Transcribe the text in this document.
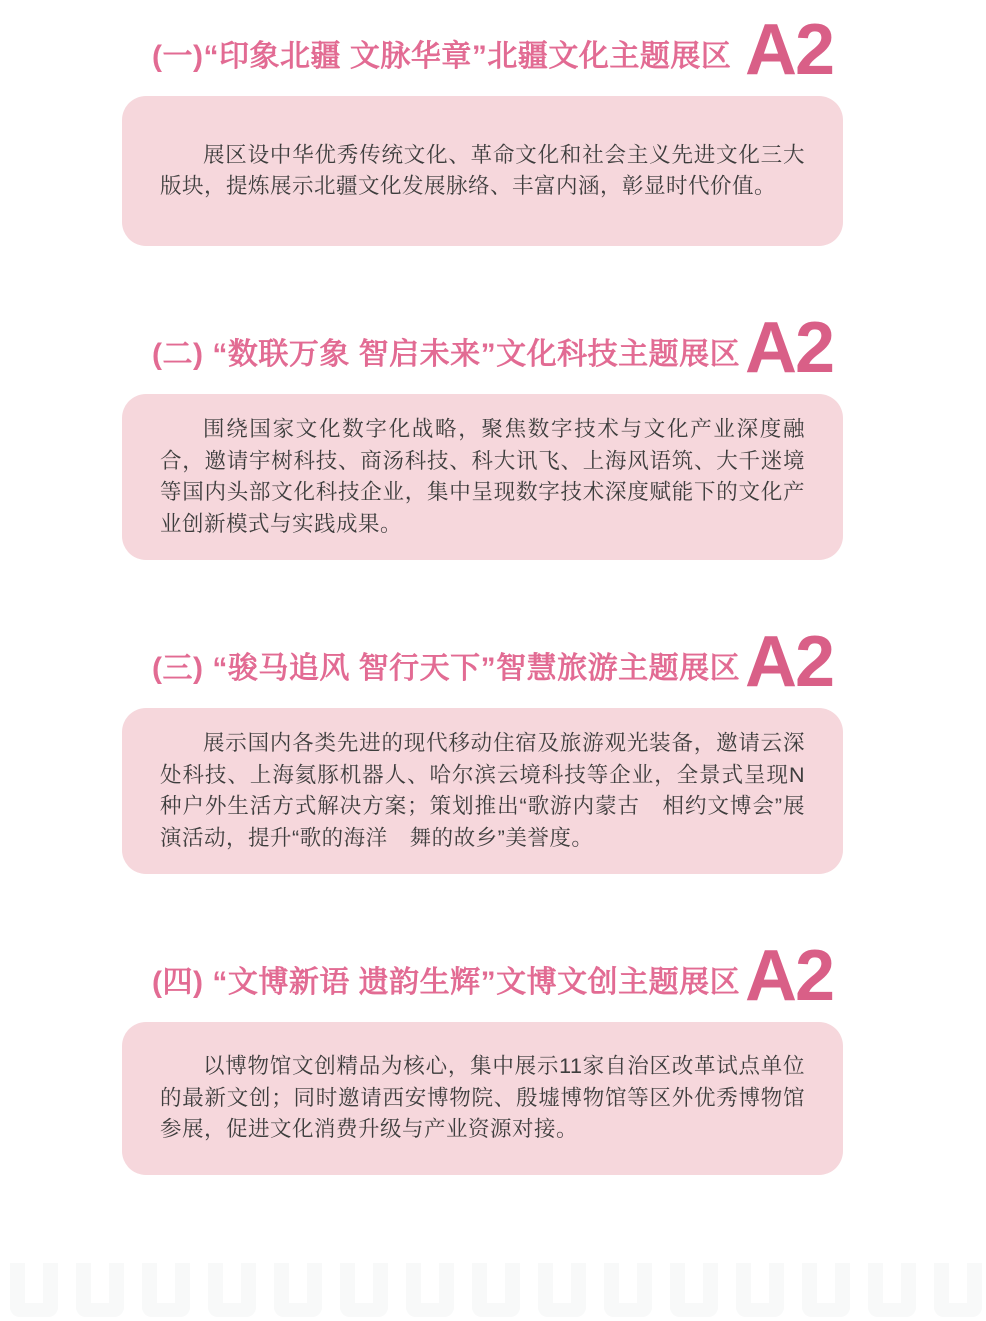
(一)“印象北疆 文脉华章”北疆文化主题展区 A2

展区设中华优秀传统文化、革命文化和社会主义先进文化三大版块，提炼展示北疆文化发展脉络、丰富内涵，彰显时代价值。

(二) “数联万象 智启未来”文化科技主题展区 A2

围绕国家文化数字化战略，聚焦数字技术与文化产业深度融合，邀请宇树科技、商汤科技、科大讯飞、上海风语筑、大千迷境等国内头部文化科技企业，集中呈现数字技术深度赋能下的文化产业创新模式与实践成果。

(三) “骏马追风 智行天下”智慧旅游主题展区 A2

展示国内各类先进的现代移动住宿及旅游观光装备，邀请云深处科技、上海氦豚机器人、哈尔滨云境科技等企业，全景式呈现N种户外生活方式解决方案；策划推出“歌游内蒙古　相约文博会”展演活动，提升“歌的海洋　舞的故乡”美誉度。

(四) “文博新语 遗韵生辉”文博文创主题展区 A2

以博物馆文创精品为核心，集中展示11家自治区改革试点单位的最新文创；同时邀请西安博物院、殷墟博物馆等区外优秀博物馆参展，促进文化消费升级与产业资源对接。
